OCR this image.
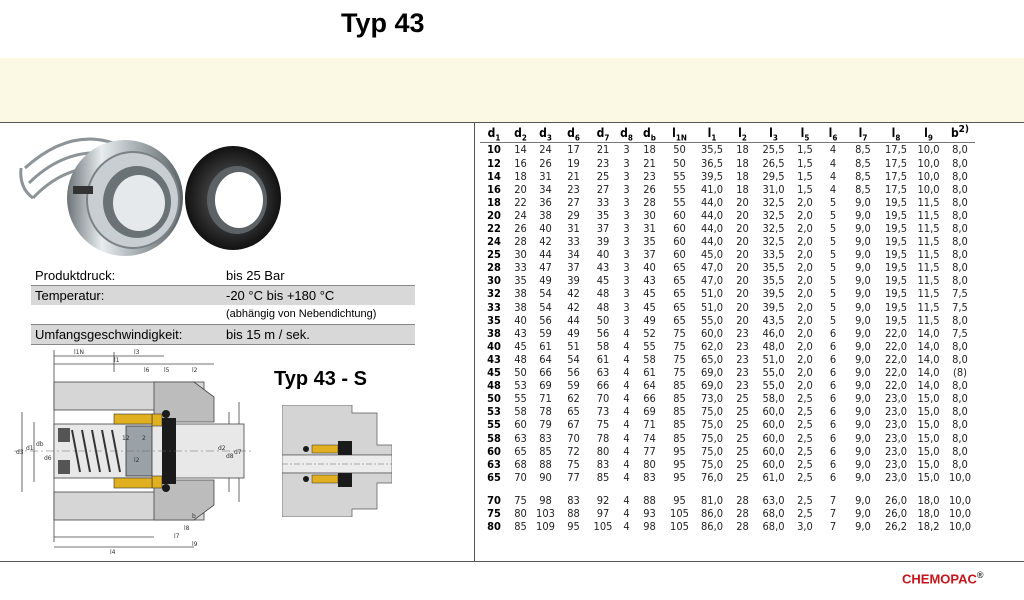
Typ 43
Produktdruck:	bis 25 Bar
Temperatur:	-20 °C bis +180 °C
(abhängig von Nebendichtung)
Umfangsgeschwindigkeit:	bis 15 m / sek.
d3
d1
db
d6
d2
d8
d7
l1N
l1
l3
l5	l2
l6
l2
12 2
l8
l7
l9
b
l4
Typ 43 - S
$d_1$	$d_2$	$d_3$	$d_6$	$d_7$	$d_8$	$d_b$	$l_{1N}$	$l_1$	$l_2$	$l_3$	$l_5$	$l_6$	$l_7$	$l_8$	$l_9$	$b^{2)}$
10	14	24	17	21	3	18	50	35,5	18	25,5	1,5	4	8,5	17,5	10,0	8,0
12	16	26	19	23	3	21	50	36,5	18	26,5	1,5	4	8,5	17,5	10,0	8,0
14	18	31	21	25	3	23	55	39,5	18	29,5	1,5	4	8,5	17,5	10,0	8,0
16	20	34	23	27	3	26	55	41,0	18	31,0	1,5	4	8,5	17,5	10,0	8,0
18	22	36	27	33	3	28	55	44,0	20	32,5	2,0	5	9,0	19,5	11,5	8,0
20	24	38	29	35	3	30	60	44,0	20	32,5	2,0	5	9,0	19,5	11,5	8,0
22	26	40	31	37	3	31	60	44,0	20	32,5	2,0	5	9,0	19,5	11,5	8,0
24	28	42	33	39	3	35	60	44,0	20	32,5	2,0	5	9,0	19,5	11,5	8,0
25	30	44	34	40	3	37	60	45,0	20	33,5	2,0	5	9,0	19,5	11,5	8,0
28	33	47	37	43	3	40	65	47,0	20	35,5	2,0	5	9,0	19,5	11,5	8,0
30	35	49	39	45	3	43	65	47,0	20	35,5	2,0	5	9,0	19,5	11,5	8,0
32	38	54	42	48	3	45	65	51,0	20	39,5	2,0	5	9,0	19,5	11,5	7,5
33	38	54	42	48	3	45	65	51,0	20	39,5	2,0	5	9,0	19,5	11,5	7,5
35	40	56	44	50	3	49	65	55,0	20	43,5	2,0	5	9,0	19,5	11,5	8,0
38	43	59	49	56	4	52	75	60,0	23	46,0	2,0	6	9,0	22,0	14,0	7,5
40	45	61	51	58	4	55	75	62,0	23	48,0	2,0	6	9,0	22,0	14,0	8,0
43	48	64	54	61	4	58	75	65,0	23	51,0	2,0	6	9,0	22,0	14,0	8,0
45	50	66	56	63	4	61	75	69,0	23	55,0	2,0	6	9,0	22,0	14,0	(8)
48	53	69	59	66	4	64	85	69,0	23	55,0	2,0	6	9,0	22,0	14,0	8,0
50	55	71	62	70	4	66	85	73,0	25	58,0	2,5	6	9,0	23,0	15,0	8,0
53	58	78	65	73	4	69	85	75,0	25	60,0	2,5	6	9,0	23,0	15,0	8,0
55	60	79	67	75	4	71	85	75,0	25	60,0	2,5	6	9,0	23,0	15,0	8,0
58	63	83	70	78	4	74	85	75,0	25	60,0	2,5	6	9,0	23,0	15,0	8,0
60	65	85	72	80	4	77	95	75,0	25	60,0	2,5	6	9,0	23,0	15,0	8,0
63	68	88	75	83	4	80	95	75,0	25	60,0	2,5	6	9,0	23,0	15,0	8,0
65	70	90	77	85	4	83	95	76,0	25	61,0	2,5	6	9,0	23,0	15,0	10,0
70	75	98	83	92	4	88	95	81,0	28	63,0	2,5	7	9,0	26,0	18,0	10,0
75	80	103	88	97	4	93	105	86,0	28	68,0	2,5	7	9,0	26,0	18,0	10,0
80	85	109	95	105	4	98	105	86,0	28	68,0	3,0	7	9,0	26,2	18,2	10,0
CHEMOPAC®
